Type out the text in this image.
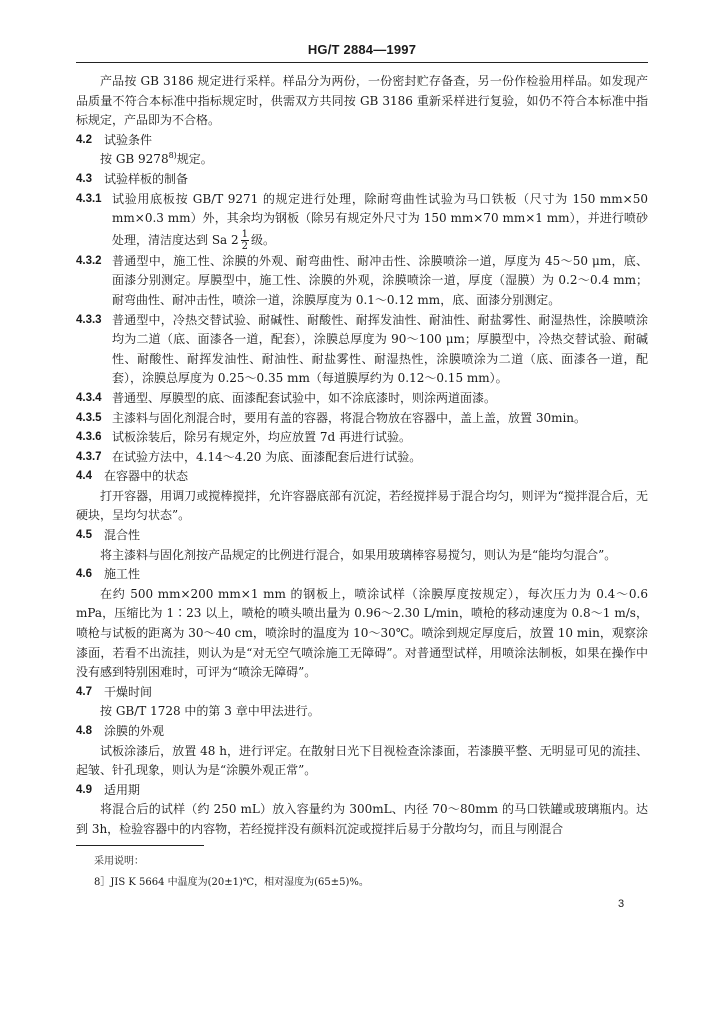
HG/T 2884—1997

产品按 GB 3186 规定进行采样。样品分为两份，一份密封贮存备查，另一份作检验用样品。如发现产品质量不符合本标准中指标规定时，供需双方共同按 GB 3186 重新采样进行复验，如仍不符合本标准中指标规定，产品即为不合格。

4.2	试验条件

按 GB 9278$^{8)}$规定。

4.3	试验样板的制备
4.3.1 试验用底板按 GB/T 9271 的规定进行处理，除耐弯曲性试验为马口铁板（尺寸为 150 mm×50 mm×0.3 mm）外，其余均为钢板（除另有规定外尺寸为 150 mm×70 mm×1 mm），并进行喷砂处理，清洁度达到 Sa $2 \frac{1}{2}$ 级。
4.3.2 普通型中，施工性、涂膜的外观、耐弯曲性、耐冲击性、涂膜喷涂一道，厚度为 45～50 μm，底、面漆分别测定。厚膜型中，施工性、涂膜的外观，涂膜喷涂一道，厚度（湿膜）为 0.2～0.4 mm；耐弯曲性、耐冲击性，喷涂一道，涂膜厚度为 0.1～0.12 mm，底、面漆分别测定。
4.3.3 普通型中，冷热交替试验、耐碱性、耐酸性、耐挥发油性、耐油性、耐盐雾性、耐湿热性，涂膜喷涂均为二道（底、面漆各一道，配套），涂膜总厚度为 90～100 μm；厚膜型中，冷热交替试验、耐碱性、耐酸性、耐挥发油性、耐油性、耐盐雾性、耐湿热性，涂膜喷涂为二道（底、面漆各一道，配套），涂膜总厚度为 0.25～0.35 mm（每道膜厚约为 0.12～0.15 mm）。
4.3.4 普通型、厚膜型的底、面漆配套试验中，如不涂底漆时，则涂两道面漆。
4.3.5 主漆料与固化剂混合时，要用有盖的容器，将混合物放在容器中，盖上盖，放置 30min。
4.3.6 试板涂装后，除另有规定外，均应放置 7d 再进行试验。
4.3.7 在试验方法中，4.14～4.20 为底、面漆配套后进行试验。
4.4	在容器中的状态

打开容器，用调刀或搅棒搅拌，允许容器底部有沉淀，若经搅拌易于混合均匀，则评为“搅拌混合后，无硬块，呈均匀状态”。

4.5	混合性

将主漆料与固化剂按产品规定的比例进行混合，如果用玻璃棒容易搅匀，则认为是“能均匀混合”。

4.6	施工性

在约 500 mm×200 mm×1 mm 的钢板上，喷涂试样（涂膜厚度按规定），每次压力为 0.4～0.6 mPa，压缩比为 1∶23 以上，喷枪的喷头喷出量为 0.96～2.30 L/min，喷枪的移动速度为 0.8～1 m/s，喷枪与试板的距离为 30～40 cm，喷涂时的温度为 10～30℃。喷涂到规定厚度后，放置 10 min，观察涂漆面，若看不出流挂，则认为是“对无空气喷涂施工无障碍”。对普通型试样，用喷涂法制板，如果在操作中没有感到特别困难时，可评为“喷涂无障碍”。

4.7	干燥时间

按 GB/T 1728 中的第 3 章中甲法进行。

4.8	涂膜的外观

试板涂漆后，放置 48 h，进行评定。在散射日光下目视检查涂漆面，若漆膜平整、无明显可见的流挂、起皱、针孔现象，则认为是“涂膜外观正常”。

4.9	适用期

将混合后的试样（约 250 mL）放入容量约为 300mL、内径 70～80mm 的马口铁罐或玻璃瓶内。达到 3h，检验容器中的内容物，若经搅拌没有颜料沉淀或搅拌后易于分散均匀，而且与刚混合

采用说明：
8］JIS K 5664 中温度为(20±1)℃，相对湿度为(65±5)%。
3
